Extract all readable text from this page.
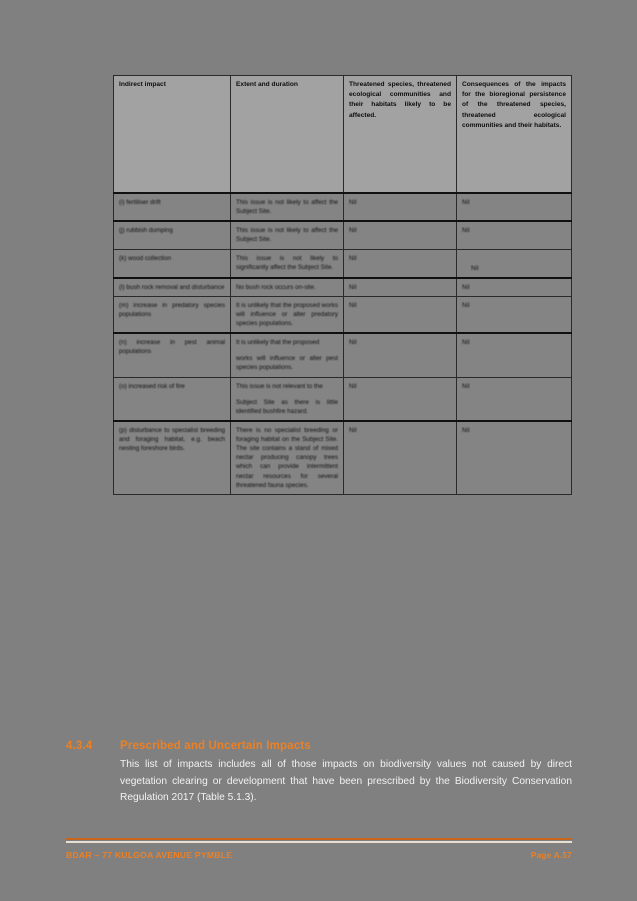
Indirect impact	Extent and duration	Threatened species, threatened ecological communities and their habitats likely to be affected.	Consequences of the impacts for the bioregional persistence of the threatened species, threatened ecological communities and their habitats.

(i) fertiliser drift	This issue is not likely to affect the Subject Site.	Nil	Nil

(j) rubbish dumping	This issue is not likely to affect the Subject Site.	Nil	Nil

(k) wood collection	This issue is not likely to significantly affect the Subject Site.	Nil	Nil

(l) bush rock removal and disturbance	No bush rock occurs on-site.	Nil	Nil

(m) increase in predatory species populations	It is unlikely that the proposed works will influence or alter predatory species populations.	Nil	Nil

(n) increase in pest animal populations	It is unlikely that the proposed
works will influence or alter pest species populations.	Nil	Nil

(o) increased risk of fire	This issue is not relevant to the
Subject Site as there is little identified bushfire hazard.	Nil	Nil

(p) disturbance to specialist breeding and foraging habitat, e.g. beach nesting foreshore birds.	There is no specialist breeding or foraging habitat on the Subject Site. The site contains a stand of mixed nectar producing canopy trees which can provide intermittent nectar resources for several threatened fauna species.	Nil	Nil
4.3.4	Prescribed and Uncertain Impacts
This list of impacts includes all of those impacts on biodiversity values not caused by direct vegetation clearing or development that have been prescribed by the Biodiversity Conservation Regulation 2017 (Table 5.1.3).
BDAR – 77 KULGOA AVENUE PYMBLE	Page A.57
